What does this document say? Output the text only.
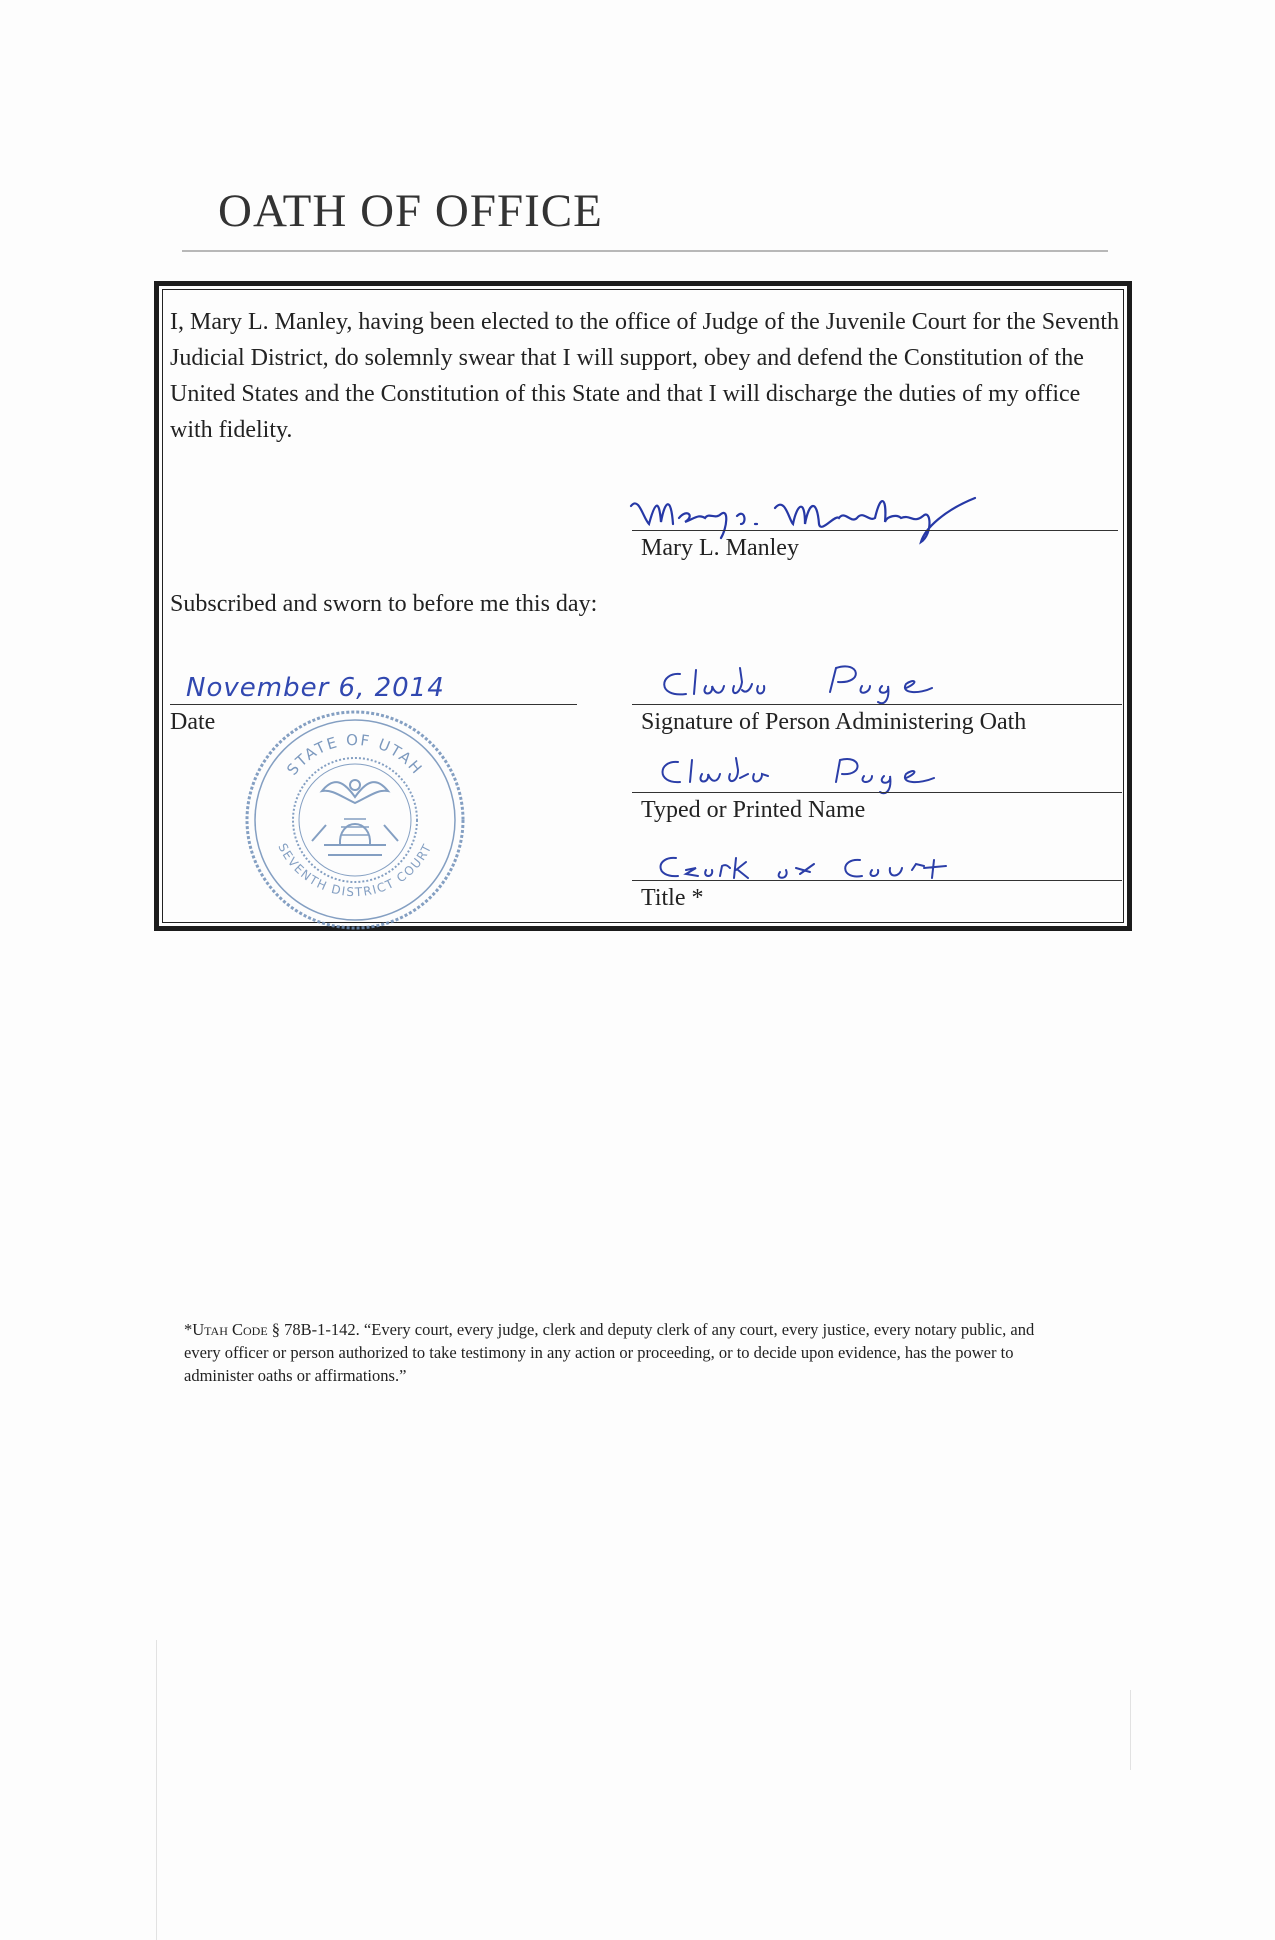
OATH OF OFFICE
I, Mary L. Manley, having been elected to the office of Judge of the Juvenile Court for the Seventh Judicial District, do solemnly swear that I will support, obey and defend the Constitution of the United States and the Constitution of this State and that I will discharge the duties of my office with fidelity.
Mary L. Manley
Subscribed and sworn to before me this day:
November 6, 2014
Date	Signature of Person Administering Oath
Typed or Printed Name
Title *
STATE OF UTAH
SEVENTH DISTRICT COURT
*Utah Code § 78B-1-142. “Every court, every judge, clerk and deputy clerk of any court, every justice, every notary public, and every officer or person authorized to take testimony in any action or proceeding, or to decide upon evidence, has the power to administer oaths or affirmations.”
